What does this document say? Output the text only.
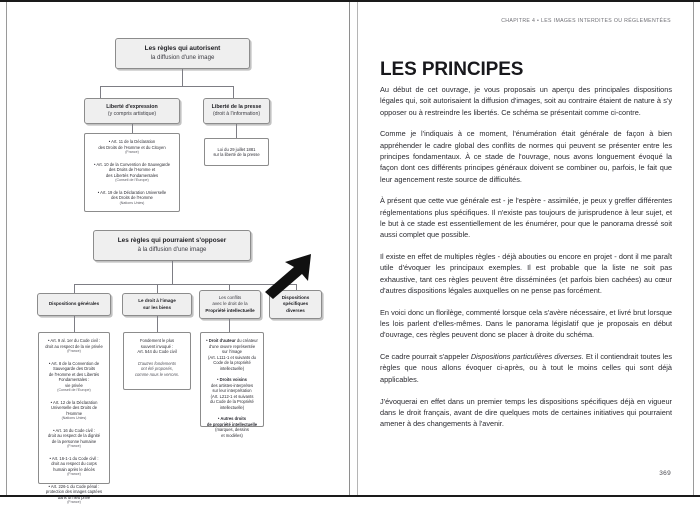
Les règles qui autorisent
la diffusion d'une image
Liberté d'expression
(y compris artistique)
Liberté de la presse
(droit à l'information)
• Art. 11 de la Déclaration
des Droits de l'Homme et du Citoyen
(France)
• Art. 10 de la Convention de Sauvegarde
des Droits de l'Homme et
des Libertés Fondamentales
(Conseil de l'Europe)
• Art. 19 de la Déclaration Universelle
des Droits de l'Homme
(Nations Unies)
Loi du 29 juillet 1881
sur la liberté de la presse
Les règles qui pourraient s'opposer
à la diffusion d'une image
Dispositions générales
Le droit à l'image
sur les biens
Les conflits
avec le droit de la
Propriété intellectuelle
Dispositions
spécifiques
diverses
• Art. 9 al. 1er du Code civil :
droit au respect de la vie privée
(France)
• Art. 8 de la Convention de
Sauvegarde des Droits
de l'Homme et des Libertés
Fondamentales :
vie privée
(Conseil de l'Europe)
• Art. 12 de la Déclaration
Universelle des Droits de l'Homme
(Nations Unies)
• Art. 16 du Code civil :
droit au respect de la dignité
de la personne humaine
(France)
• Art. 16-1-1 du Code civil :
droit au respect du corps
humain après le décès
(France)
• Art. 226-1 du Code pénal :
protection des images captées
dans un lieu privé
(France)
Fondement le plus
souvent invoqué :
Art. 544 du Code civil
D'autres fondements
ont été proposés,
comme nous le verrons.
• Droit d'auteur du créateur
d'une œuvre représentée
sur l'image
(Art. L111-1 et suivants du
Code de la propriété
intellectuelle)
• Droits voisins
des artistes-interprètes
sur leur interprétation
(Art. L212-1 et suivants
du Code de la Propriété
intellectuelle)
• Autres droits
de propriété intellectuelle
(marques, dessins
et modèles)
CHAPITRE 4 • LES IMAGES INTERDITES OU RÉGLEMENTÉES
LES PRINCIPES

Au début de cet ouvrage, je vous proposais un aperçu des principales dispositions légales qui, soit autorisaient la diffusion d'images, soit au contraire étaient de nature à s'y opposer ou à restreindre les libertés. Ce schéma se présentait comme ci-contre.

Comme je l'indiquais à ce moment, l'énumération était générale de façon à bien appréhender le cadre global des conflits de normes qui peuvent se présenter entre les principes fondamentaux. À ce stade de l'ouvrage, nous avons longuement évoqué la façon dont ces différents principes généraux doivent se combiner ou, parfois, le fait que leur agencement reste source de difficultés.

À présent que cette vue générale est - je l'espère - assimilée, je peux y greffer différentes réglementations plus spécifiques. Il n'existe pas toujours de jurisprudence à leur sujet, et le but à ce stade est essentiellement de les énumérer, pour que le panorama dressé soit aussi complet que possible.

Il existe en effet de multiples règles - déjà abouties ou encore en projet - dont il me paraît utile d'évoquer les principaux exemples. Il est probable que la liste ne soit pas exhaustive, tant ces règles peuvent être disséminées (et parfois bien cachées) au cœur d'autres dispositions légales auxquelles on ne pense pas forcément.

En voici donc un florilège, commenté lorsque cela s'avère nécessaire, et livré brut lorsque les lois parlent d'elles-mêmes. Dans le panorama législatif que je proposais en début d'ouvrage, ces règles peuvent donc se placer à droite du schéma.

Ce cadre pourrait s'appeler Dispositions particulières diverses. Et il contiendrait toutes les règles que nous allons évoquer ci-après, ou à tout le moins celles qui sont déjà applicables.

J'évoquerai en effet dans un premier temps les dispositions spécifiques déjà en vigueur dans le droit français, avant de dire quelques mots de certaines initiatives qui pourraient amener à des changements à l'avenir.

369
